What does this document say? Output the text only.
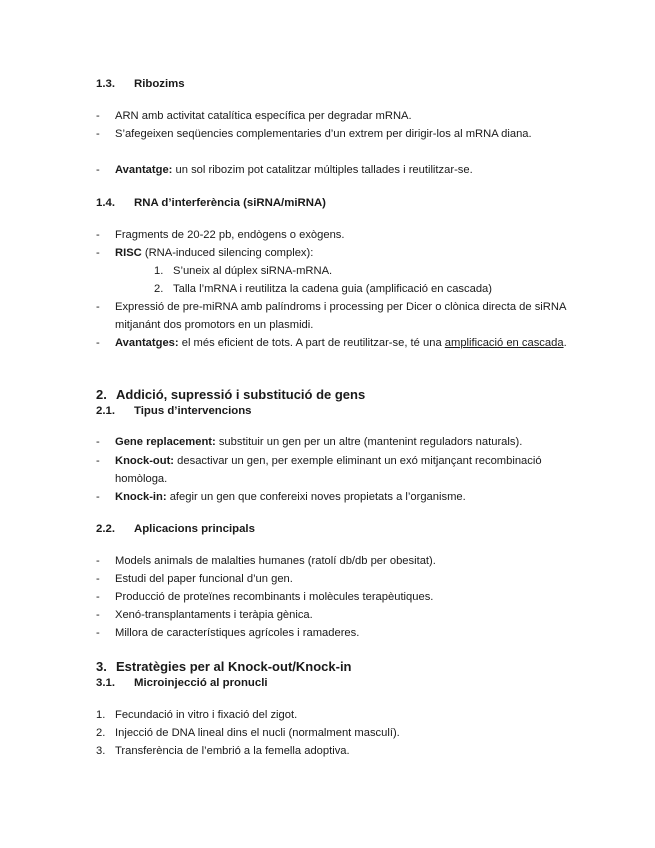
1.3. Ribozims
- ARN amb activitat catalítica específica per degradar mRNA.
- S’afegeixen seqüencies complementaries d’un extrem per dirigir-los al mRNA diana.
- Avantatge: un sol ribozim pot catalitzar múltiples tallades i reutilitzar-se.
1.4. RNA d’interferència (siRNA/miRNA)
- Fragments de 20-22 pb, endògens o exògens.
- RISC (RNA-induced silencing complex):
1. S’uneix al dúplex siRNA-mRNA.
2. Talla l’mRNA i reutilitza la cadena guia (amplificació en cascada)
- Expressió de pre-miRNA amb palíndroms i processing per Dicer o clònica directa de siRNA mitjanánt dos promotors en un plasmidi.
- Avantatges: el més eficient de tots. A part de reutilitzar-se, té una amplificació en cascada.
2. Addició, supressió i substitució de gens
2.1. Tipus d’intervencions
- Gene replacement: substituir un gen per un altre (mantenint reguladors naturals).
- Knock-out: desactivar un gen, per exemple eliminant un exó mitjançant recombinació homòloga.
- Knock-in: afegir un gen que confereixi noves propietats a l’organisme.
2.2. Aplicacions principals
- Models animals de malalties humanes (ratolí db/db per obesitat).
- Estudi del paper funcional d’un gen.
- Producció de proteïnes recombinants i molècules terapèutiques.
- Xenó-transplantaments i teràpia gènica.
- Millora de característiques agrícoles i ramaderes.
3. Estratègies per al Knock-out/Knock-in
3.1. Microinjecció al pronucli
1. Fecundació in vitro i fixació del zigot.
2. Injecció de DNA lineal dins el nucli (normalment masculí).
3. Transferència de l’embrió a la femella adoptiva.
